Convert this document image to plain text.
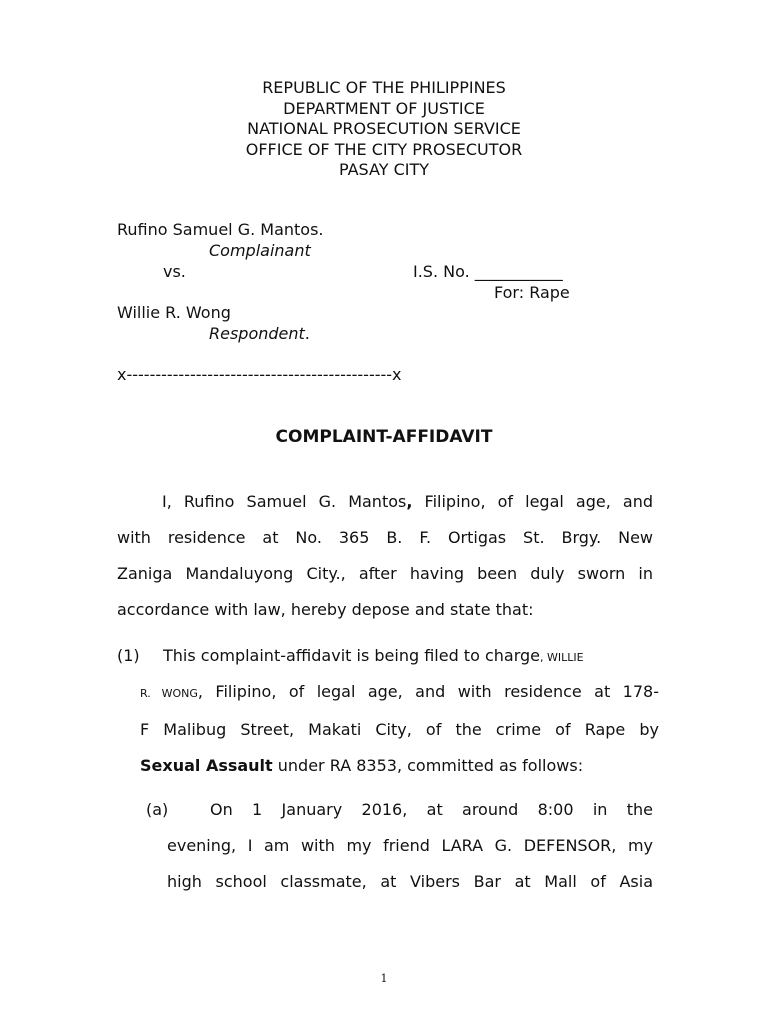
REPUBLIC OF THE PHILIPPINES
DEPARTMENT OF JUSTICE
NATIONAL PROSECUTION SERVICE
OFFICE OF THE CITY PROSECUTOR
PASAY CITY
Rufino Samuel G. Mantos.
Complainant
vs.	I.S. No. ___________
For: Rape
Willie R. Wong
Respondent.
x----------------------------------------------x
COMPLAINT-AFFIDAVIT
I, Rufino Samuel G. Mantos, Filipino, of legal age, and
with residence at No. 365 B. F. Ortigas St. Brgy. New
Zaniga Mandaluyong City., after having been duly sworn in
accordance with law, hereby depose and state that:
(1) This complaint-affidavit is being filed to charge, WILLIE
R. WONG, Filipino, of legal age, and with residence at 178-
F Malibug Street, Makati City, of the crime of Rape by
Sexual Assault under RA 8353, committed as follows:
(a)	On 1 January 2016, at around 8:00 in the
evening, I am with my friend LARA G. DEFENSOR, my
high school classmate, at Vibers Bar at Mall of Asia
1
